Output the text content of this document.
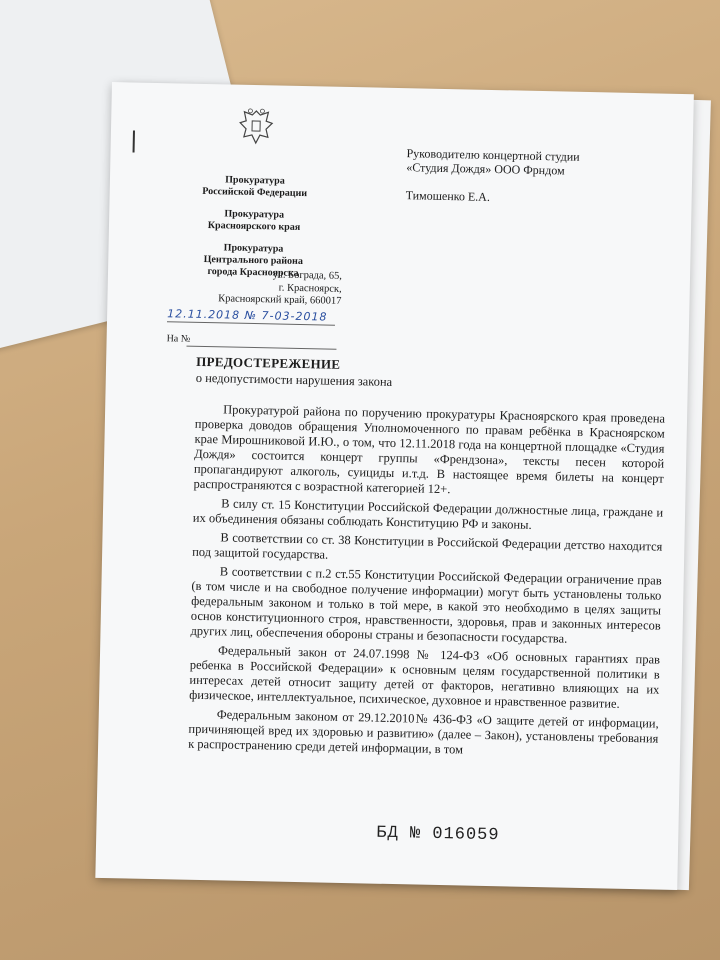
Прокуратура
Российской Федерации
Прокуратура
Красноярского края
Прокуратура
Центрального района
города Красноярска
ул. Бограда, 65,
г. Красноярск,
Красноярский край, 660017
12.11.2018 № 7-03-2018
На №
Руководителю концертной студии
«Студия Дождя» ООО Фрндом
Тимошенко Е.А.
ПРЕДОСТЕРЕЖЕНИЕ
о недопустимости нарушения закона

Прокуратурой района по поручению прокуратуры Красноярского края проведена проверка доводов обращения Уполномоченного по правам ребёнка в Красноярском крае Мирошниковой И.Ю., о том, что 12.11.2018 года на концертной площадке «Студия Дождя» состоится концерт группы «Френдзона», тексты песен которой пропагандируют алкоголь, суициды и.т.д. В настоящее время билеты на концерт распространяются с возрастной категорией 12+.

В силу ст. 15 Конституции Российской Федерации должностные лица, граждане и их объединения обязаны соблюдать Конституцию РФ и законы.

В соответствии со ст. 38 Конституции в Российской Федерации детство находится под защитой государства.

В соответствии с п.2 ст.55 Конституции Российской Федерации ограничение прав (в том числе и на свободное получение информации) могут быть установлены только федеральным законом и только в той мере, в какой это необходимо в целях защиты основ конституционного строя, нравственности, здоровья, прав и законных интересов других лиц, обеспечения обороны страны и безопасности государства.

Федеральный закон от 24.07.1998 № 124-ФЗ «Об основных гарантиях прав ребенка в Российской Федерации» к основным целям государственной политики в интересах детей относит защиту детей от факторов, негативно влияющих на их физическое, интеллектуальное, психическое, духовное и нравственное развитие.

Федеральным законом от 29.12.2010№ 436-ФЗ «О защите детей от информации, причиняющей вред их здоровью и развитию» (далее – Закон), установлены требования к распространению среди детей информации, в том

БД № 016059
